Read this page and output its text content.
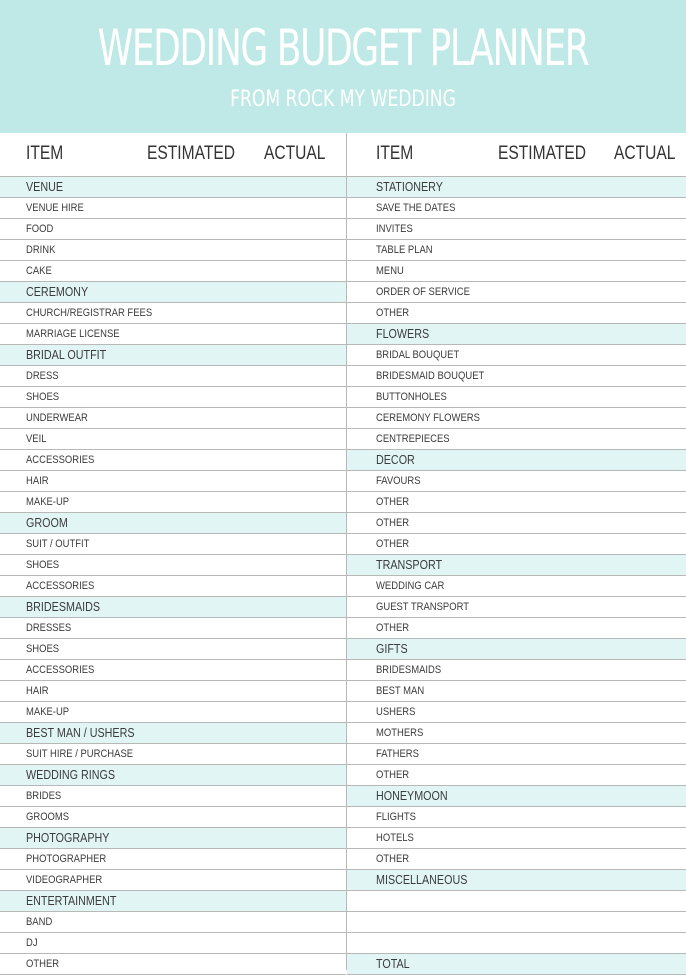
WEDDING BUDGET PLANNER
FROM ROCK MY WEDDING
ITEM	ESTIMATED ACTUAL
VENUE
VENUE HIRE
FOOD
DRINK
CAKE
CEREMONY
CHURCH/REGISTRAR FEES
MARRIAGE LICENSE
BRIDAL OUTFIT
DRESS
SHOES
UNDERWEAR
VEIL
ACCESSORIES
HAIR
MAKE-UP
GROOM
SUIT / OUTFIT
SHOES
ACCESSORIES
BRIDESMAIDS
DRESSES
SHOES
ACCESSORIES
HAIR
MAKE-UP
BEST MAN / USHERS
SUIT HIRE / PURCHASE
WEDDING RINGS
BRIDES
GROOMS
PHOTOGRAPHY
PHOTOGRAPHER
VIDEOGRAPHER
ENTERTAINMENT
BAND
DJ
OTHER
ITEM	ESTIMATED ACTUAL
STATIONERY
SAVE THE DATES
INVITES
TABLE PLAN
MENU
ORDER OF SERVICE
OTHER
FLOWERS
BRIDAL BOUQUET
BRIDESMAID BOUQUET
BUTTONHOLES
CEREMONY FLOWERS
CENTREPIECES
DECOR
FAVOURS
OTHER
OTHER
OTHER
TRANSPORT
WEDDING CAR
GUEST TRANSPORT
OTHER
GIFTS
BRIDESMAIDS
BEST MAN
USHERS
MOTHERS
FATHERS
OTHER
HONEYMOON
FLIGHTS
HOTELS
OTHER
MISCELLANEOUS
TOTAL
